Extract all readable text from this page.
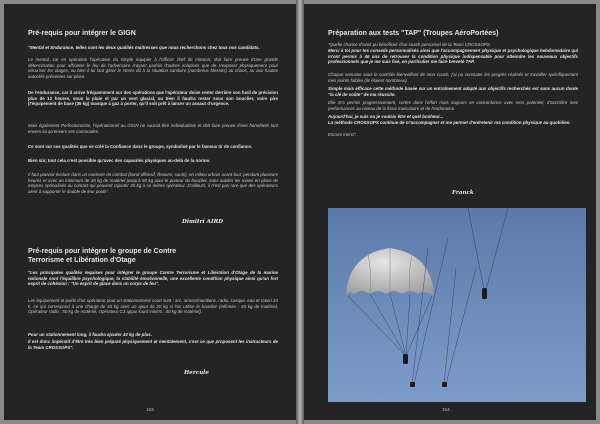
Pré-requis pour intégrer le GIGN

"Mental et Endurance, telles sont les deux qualités maîtresses que nous recherchons chez tous nos candidats.

Le mental, car en opération l'opérateur du simple équipier à l'officier chef de mission, doit faire preuve d'une grande détermination pour affronter le feu de l'adversaire n'ayant parfois d'autres solutions que de s'exposer physiquement pour sécuriser les otages, ou bien il lui faut gérer le stress dû à la situation sanitaire (nombreux blessés) au chaos, ou aux hautes autorités présentes sur place.

De l'endurance, car il arrive fréquemment sur des opérations que l'opérateur doive rester derrière son fusil de précision plus de 12 heures, sous la pluie et par un vent glacial, ou bien il faudra rester sous son bouclier, voire pire (l'équipement de base (35 kg) masque à gaz à porter, qu'il soit prêt à lancer un assaut d'urgence.

Mais également Perfectionniste, l'opérationnel au GIGN ne saurait être individualiste et doit faire preuve d'une honnêteté tant envers lui qu'envers ses camarades.

Ce sont sur ces qualités que se créé la Confiance dans le groupe, symbolisé par le fameux tir de confiance.

Bien sûr, tout cela n'est possible qu'avec des capacités physiques au-delà de la norme.

Il faut pouvoir évoluer dans un contexte de combat (bond offensif, flexions, sauts), en milieu urbain avant tout, pendant plusieurs heures et avec un minimum de 35 kg de matériel jusqu'à 50 kg pour le porteur du bouclier, sans oublier les mises en place de moyens spécialisés au contact qui peuvent rajouter 35 kg à ce même opérateur. D'ailleurs, il n'est pas rare que des opérateurs aient à supporter le double de leur poids".

Dimitri AIRD
Pré-requis pour intégrer le groupe de Contre Terrorisme et Libération d'Otage

"Les principales qualités requises pour intégrer le groupe Contre Terrorisme et Libération d'Otage de la marine nationale sont l'équilibre psychologique, la stabilité émotionnelle, une excellente condition physique ainsi qu'un fort esprit de cohésion : "Un esprit de glace dans un corps de feu".

Les équipement et poids d'un opérateur pour un stationnement court sont : arc, armes/munitions, radio, casque, eau et ration 24 h, ce qui correspond à une charge de 35 kg avec un ajout de 20 kg si l'on utilise le bouclier (Infirmier : 45 kg de matériel, Opérateur radio : 50 kg de matériel, Opérateur C3 appui lourd minimi : 40 kg de matériel).

Pour un stationnement long, il faudra ajouter 40 kg de plus.

Il est donc impératif d'être très bien préparé physiquement et mentalement, c'est ce que proposent les instructeurs de la Team CROSSOPS".

Hercule
153
Préparation aux tests "TAP" (Troupes AéroPortées)

"Quelle chance d'avoir pu bénéficier d'un coach personnel de la Team CROSSOPS.

Merci à toi pour tes conseils personnalisés ainsi que l'accompagnement physique et psychologique hebdomadaire qui m'ont permis à 46 ans de retrouver la condition physique indispensable pour atteindre les nouveaux objectifs professionnels que je me suis fixé, en particulier me faire breveté TAP.

Chaque semaine sous le contrôle bienveillant de mon coach, j'ai pu constater les progrès réalisés et travailler spécifiquement mes points faibles (ils étaient nombreux).

Simple mais efficace cette méthode basée sur un entraînement adapté aux objectifs recherchés est sans aucun doute "la clé de voûte" de ma réussite.

Elle m'a permis progressivement, certes dans l'effort mais toujours en concordance avec mon potentiel, d'accroître mes performances au niveau de la force musculaire et de l'endurance.

Aujourd'hui, je suis ou je voulais être et quel bonheur...

La méthode CROSSOPS continue de m'accompagner et me permet d'entretenir ma condition physique au quotidien.

Encore merci".

Franck
154
